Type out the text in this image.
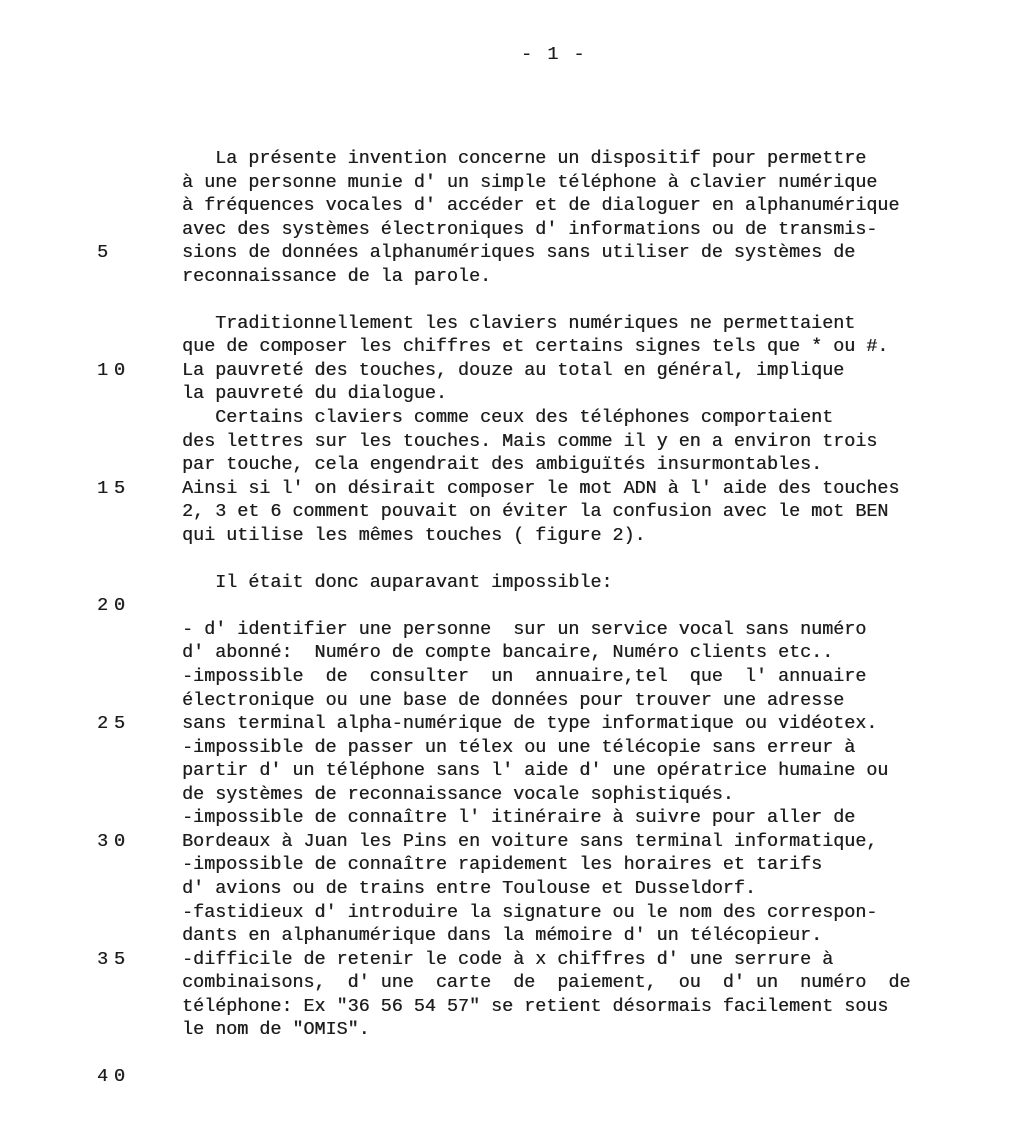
- 1 -
La présente invention concerne un dispositif pour permettre
à une personne munie d' un simple téléphone à clavier numérique
à fréquences vocales d' accéder et de dialoguer en alphanumérique
avec des systèmes électroniques d' informations ou de transmis-
5	sions de données alphanumériques sans utiliser de systèmes de
reconnaissance de la parole.
Traditionnellement les claviers numériques ne permettaient
que de composer les chiffres et certains signes tels que * ou #.
10	La pauvreté des touches, douze au total en général, implique
la pauvreté du dialogue.
Certains claviers comme ceux des téléphones comportaient
des lettres sur les touches. Mais comme il y en a environ trois
par touche, cela engendrait des ambiguïtés insurmontables.
15	Ainsi si l' on désirait composer le mot ADN à l' aide des touches
2, 3 et 6 comment pouvait on éviter la confusion avec le mot BEN
qui utilise les mêmes touches ( figure 2).
Il était donc auparavant impossible:
20
- d' identifier une personne  sur un service vocal sans numéro
d' abonné:  Numéro de compte bancaire, Numéro clients etc..
-impossible  de  consulter  un  annuaire,tel  que  l' annuaire
électronique ou une base de données pour trouver une adresse
25	sans terminal alpha-numérique de type informatique ou vidéotex.
-impossible de passer un télex ou une télécopie sans erreur à
partir d' un téléphone sans l' aide d' une opératrice humaine ou
de systèmes de reconnaissance vocale sophistiqués.
-impossible de connaître l' itinéraire à suivre pour aller de
30	Bordeaux à Juan les Pins en voiture sans terminal informatique,
-impossible de connaître rapidement les horaires et tarifs
d' avions ou de trains entre Toulouse et Dusseldorf.
-fastidieux d' introduire la signature ou le nom des correspon-
dants en alphanumérique dans la mémoire d' un télécopieur.
35	-difficile de retenir le code à x chiffres d' une serrure à
combinaisons,  d' une  carte  de  paiement,  ou  d' un  numéro  de
téléphone: Ex "36 56 54 57" se retient désormais facilement sous
le nom de "OMIS".
40
